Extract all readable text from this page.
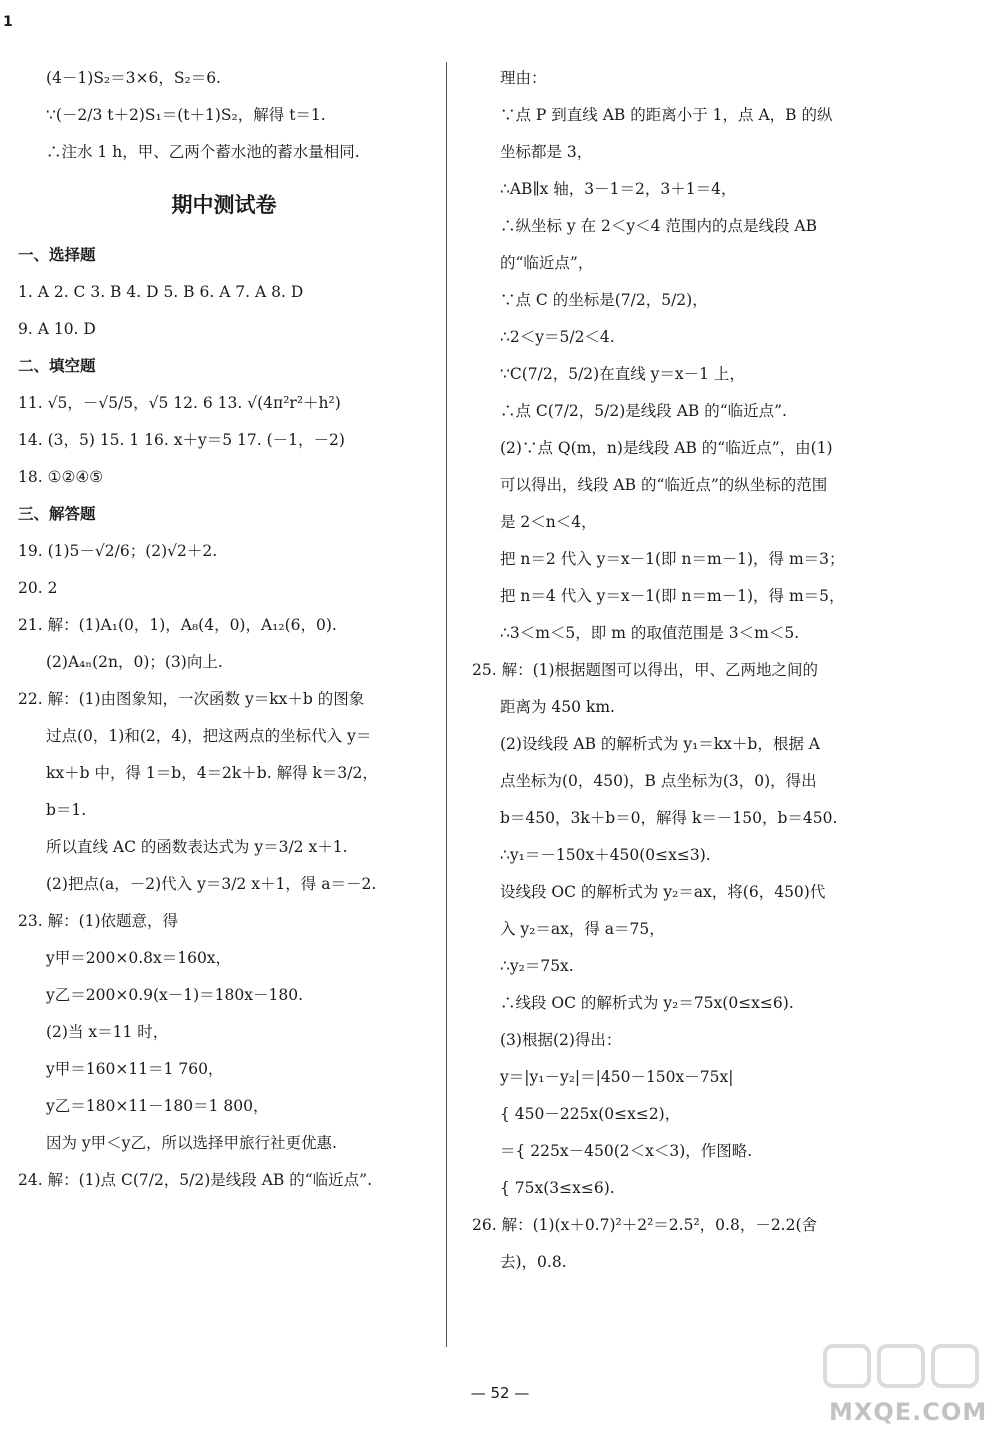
1
(4－1)S₂＝3×6，S₂＝6.
∵(－2/3 t＋2)S₁＝(t＋1)S₂，解得 t＝1.
∴注水 1 h，甲、乙两个蓄水池的蓄水量相同.
期中测试卷
一、选择题
1. A 2. C 3. B 4. D 5. B 6. A 7. A 8. D
9. A 10. D
二、填空题
11. √5，－√5/5，√5 12. 6 13. √(4π²r²＋h²)
14. (3，5) 15. 1 16. x＋y＝5 17. (－1，－2)
18. ①②④⑤
三、解答题
19. (1)5－√2/6；(2)√2＋2.
20. 2
21. 解：(1)A₁(0，1)，A₈(4，0)，A₁₂(6，0).
(2)A₄ₙ(2n，0)；(3)向上.
22. 解：(1)由图象知，一次函数 y＝kx＋b 的图象
过点(0，1)和(2，4)，把这两点的坐标代入 y＝
kx＋b 中，得 1＝b，4＝2k＋b. 解得 k＝3/2，
b＝1.
所以直线 AC 的函数表达式为 y＝3/2 x＋1.
(2)把点(a，－2)代入 y＝3/2 x＋1，得 a＝－2.
23. 解：(1)依题意，得
y甲＝200×0.8x＝160x，
y乙＝200×0.9(x－1)＝180x－180.
(2)当 x＝11 时，
y甲＝160×11＝1 760，
y乙＝180×11－180＝1 800，
因为 y甲＜y乙，所以选择甲旅行社更优惠.
24. 解：(1)点 C(7/2，5/2)是线段 AB 的“临近点”.
理由：
∵点 P 到直线 AB 的距离小于 1，点 A，B 的纵
坐标都是 3，
∴AB∥x 轴，3－1＝2，3＋1＝4，
∴纵坐标 y 在 2＜y＜4 范围内的点是线段 AB
的“临近点”，
∵点 C 的坐标是(7/2，5/2)，
∴2＜y＝5/2＜4.
∵C(7/2，5/2)在直线 y＝x－1 上，
∴点 C(7/2，5/2)是线段 AB 的“临近点”.
(2)∵点 Q(m，n)是线段 AB 的“临近点”，由(1)
可以得出，线段 AB 的“临近点”的纵坐标的范围
是 2＜n＜4，
把 n＝2 代入 y＝x－1(即 n＝m－1)，得 m＝3；
把 n＝4 代入 y＝x－1(即 n＝m－1)，得 m＝5，
∴3＜m＜5，即 m 的取值范围是 3＜m＜5.
25. 解：(1)根据题图可以得出，甲、乙两地之间的
距离为 450 km.
(2)设线段 AB 的解析式为 y₁＝kx＋b，根据 A
点坐标为(0，450)，B 点坐标为(3，0)，得出
b＝450，3k＋b＝0，解得 k＝－150，b＝450.
∴y₁＝－150x＋450(0≤x≤3).
设线段 OC 的解析式为 y₂＝ax，将(6，450)代
入 y₂＝ax，得 a＝75，
∴y₂＝75x.
∴线段 OC 的解析式为 y₂＝75x(0≤x≤6).
(3)根据(2)得出：
y＝|y₁－y₂|＝|450－150x－75x|
{ 450－225x(0≤x≤2)，
＝{ 225x－450(2＜x＜3)，作图略.
{ 75x(3≤x≤6).
26. 解：(1)(x＋0.7)²＋2²＝2.5²，0.8，－2.2(舍
去)，0.8.
— 52 —
MXQE.COM
